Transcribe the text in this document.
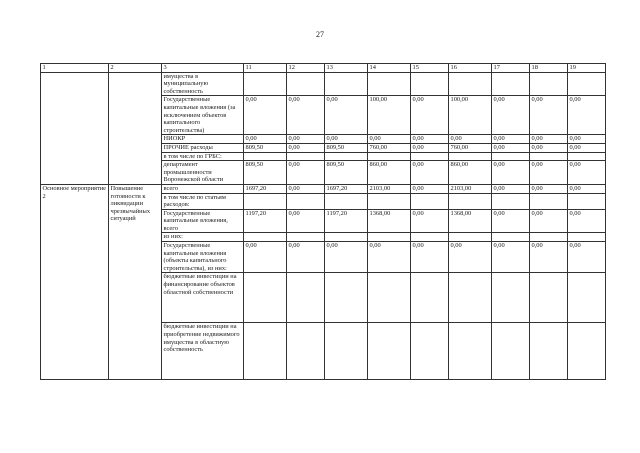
27
1	2	3	11	12	13	14	15	16	17	18	19
		имущества в муниципальную собственность									
		Государственные капитальные вложения (за исключением объектов капитального строительства)	0,00	0,00	0,00	100,00	0,00	100,00	0,00	0,00	0,00
		НИОКР	0,00	0,00	0,00	0,00	0,00	0,00	0,00	0,00	0,00
		ПРОЧИЕ расходы	809,50	0,00	809,50	760,00	0,00	760,00	0,00	0,00	0,00
		в том числе по ГРБС:									
		департамент промышленности Воронежской области	809,50	0,00	809,50	860,00	0,00	860,00	0,00	0,00	0,00
Основное мероприятие 2	Повышение готовности к ликвидации чрезвычайных ситуаций	всего	1697,20	0,00	1697,20	2103,00	0,00	2103,00	0,00	0,00	0,00
		в том числе по статьям расходов:									
		Государственные капитальные вложения, всего	1197,20	0,00	1197,20	1368,00	0,00	1368,00	0,00	0,00	0,00
		из них:									
		Государственные капитальные вложения (объекты капитального строительства), из них:	0,00	0,00	0,00	0,00	0,00	0,00	0,00	0,00	0,00
		бюджетные инвестиции на финансирование объектов областной собственности									
		бюджетные инвестиции на приобретение недвижимого имущества в областную собственность									
